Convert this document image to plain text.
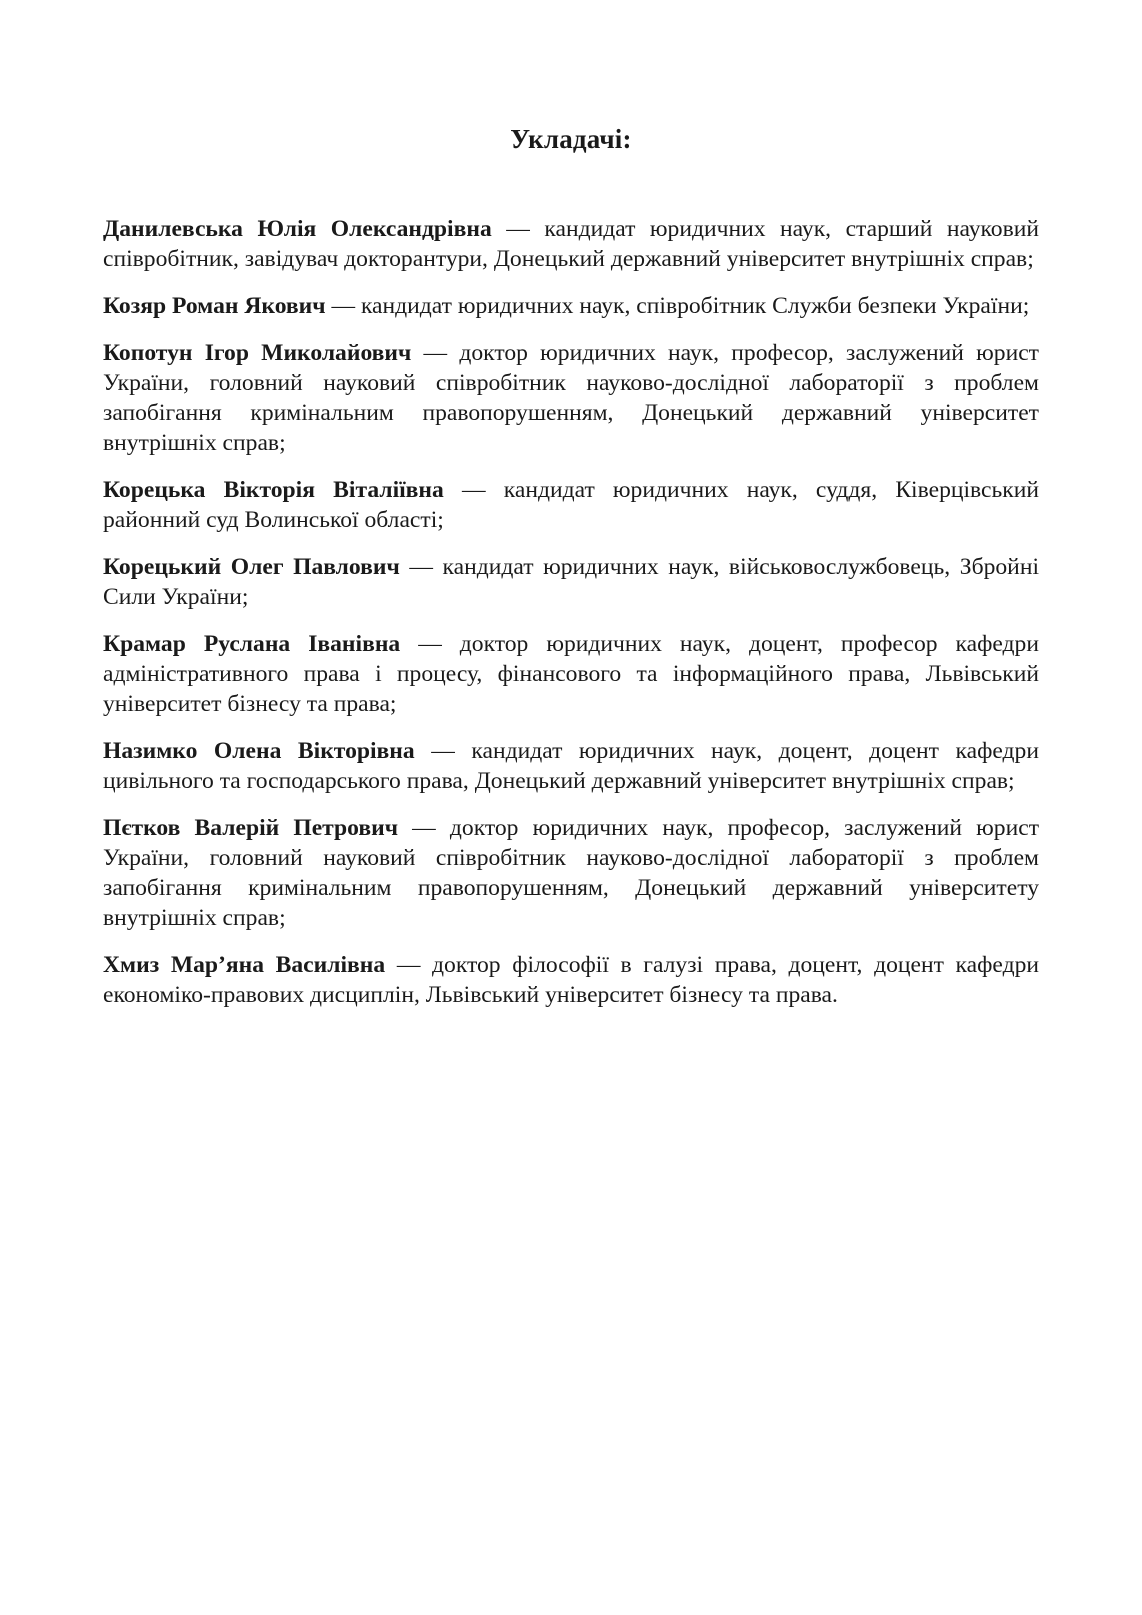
Укладачі:
Данилевська Юлія Олександрівна — кандидат юридичних наук, старший науковий співробітник, завідувач докторантури, Донецький державний університет внутрішніх справ;
Козяр Роман Якович — кандидат юридичних наук, співробітник Служби безпеки України;
Копотун Ігор Миколайович — доктор юридичних наук, професор, заслужений юрист України, головний науковий співробітник науково-дослідної лабораторії з проблем запобігання кримінальним правопорушенням, Донецький державний університет внутрішніх справ;
Корецька Вікторія Віталіївна — кандидат юридичних наук, суддя, Ківерцівський районний суд Волинської області;
Корецький Олег Павлович — кандидат юридичних наук, військовослужбовець, Збройні Сили України;
Крамар Руслана Іванівна — доктор юридичних наук, доцент, професор кафедри адміністративного права і процесу, фінансового та інформаційного права, Львівський університет бізнесу та права;
Назимко Олена Вікторівна — кандидат юридичних наук, доцент, доцент кафедри цивільного та господарського права, Донецький державний університет внутрішніх справ;
Пєтков Валерій Петрович — доктор юридичних наук, професор, заслужений юрист України, головний науковий співробітник науково-дослідної лабораторії з проблем запобігання кримінальним правопорушенням, Донецький державний університету внутрішніх справ;
Хмиз Мар’яна Василівна — доктор філософії в галузі права, доцент, доцент кафедри економіко-правових дисциплін, Львівський університет бізнесу та права.
